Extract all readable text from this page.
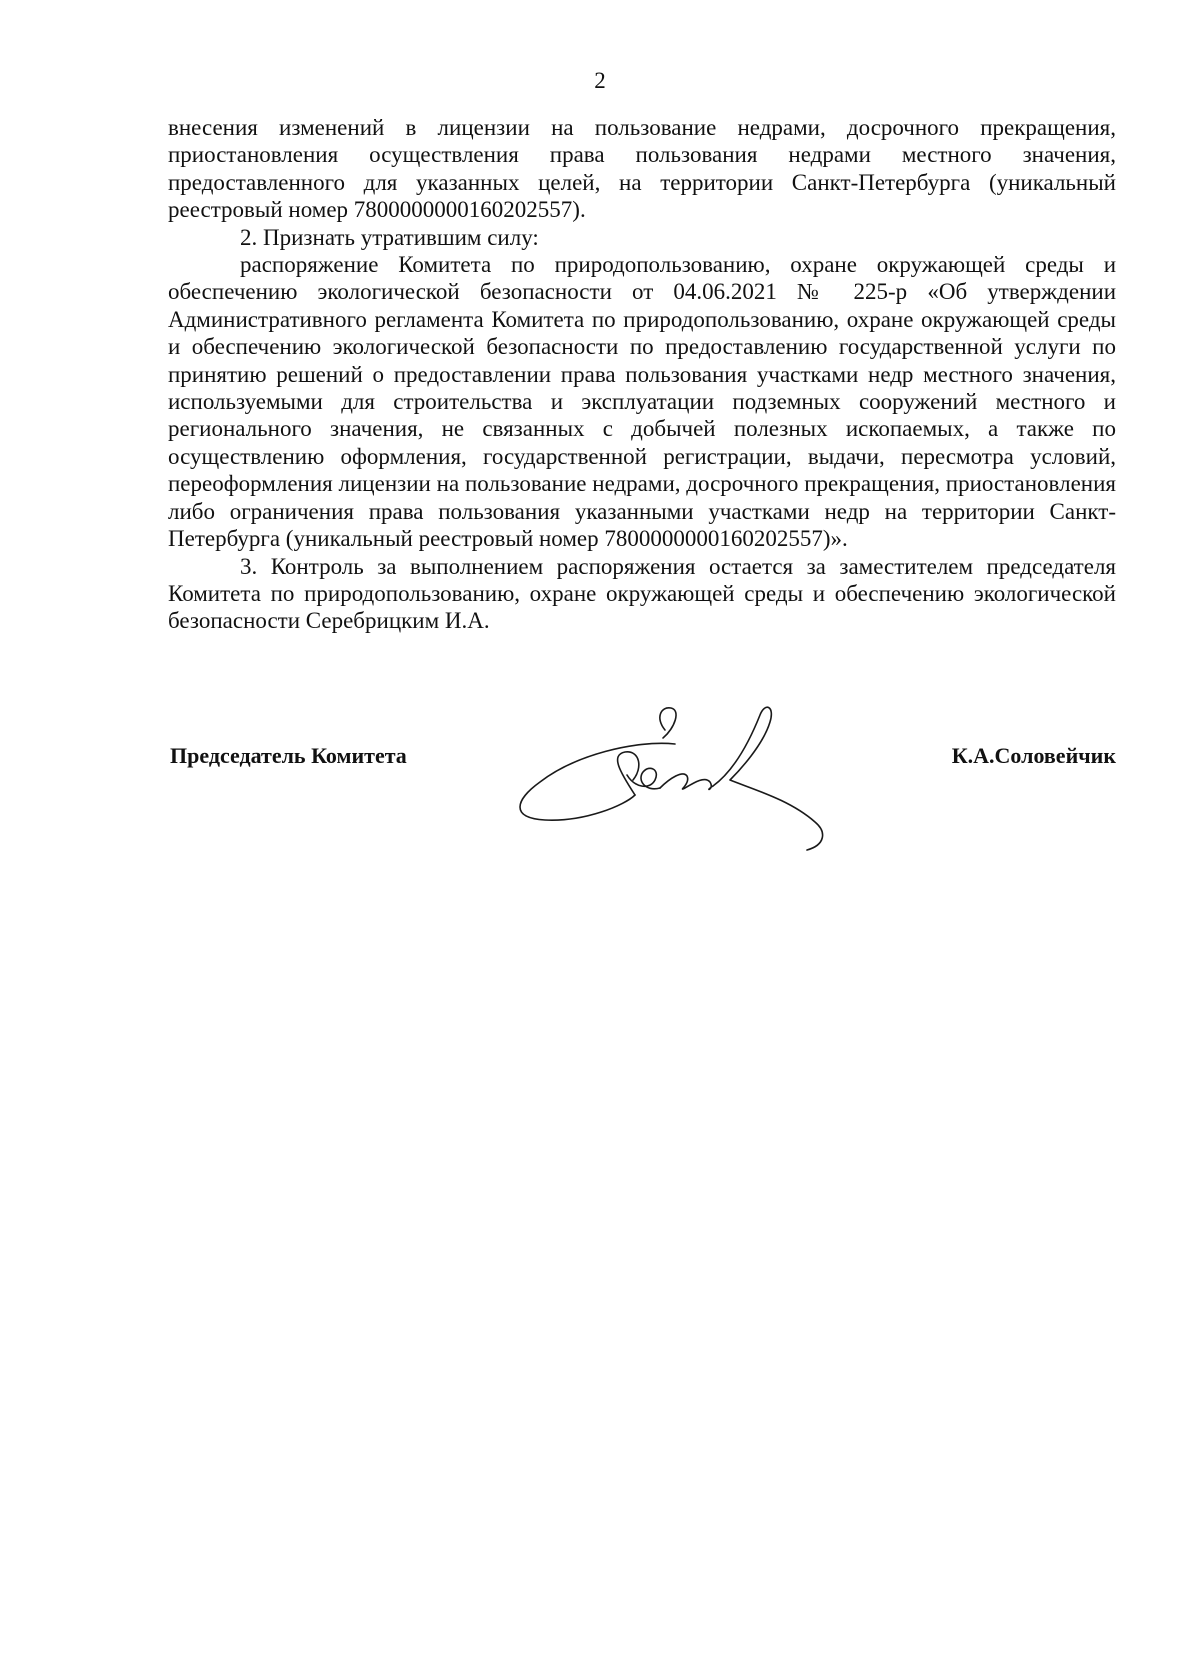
2

внесения изменений в лицензии на пользование недрами, досрочного прекращения, приостановления осуществления права пользования недрами местного значения, предоставленного для указанных целей, на территории Санкт-Петербурга (уникальный реестровый номер 7800000000160202557).

2. Признать утратившим силу:

распоряжение Комитета по природопользованию, охране окружающей среды и обеспечению экологической безопасности от 04.06.2021 № 225-р «Об утверждении Административного регламента Комитета по природопользованию, охране окружающей среды и обеспечению экологической безопасности по предоставлению государственной услуги по принятию решений о предоставлении права пользования участками недр местного значения, используемыми для строительства и эксплуатации подземных сооружений местного и регионального значения, не связанных с добычей полезных ископаемых, а также по осуществлению оформления, государственной регистрации, выдачи, пересмотра условий, переоформления лицензии на пользование недрами, досрочного прекращения, приостановления либо ограничения права пользования указанными участками недр на территории Санкт-Петербурга (уникальный реестровый номер 7800000000160202557)».

3. Контроль за выполнением распоряжения остается за заместителем председателя Комитета по природопользованию, охране окружающей среды и обеспечению экологической безопасности Серебрицким И.А.

Председатель Комитета	К.А.Соловейчик
